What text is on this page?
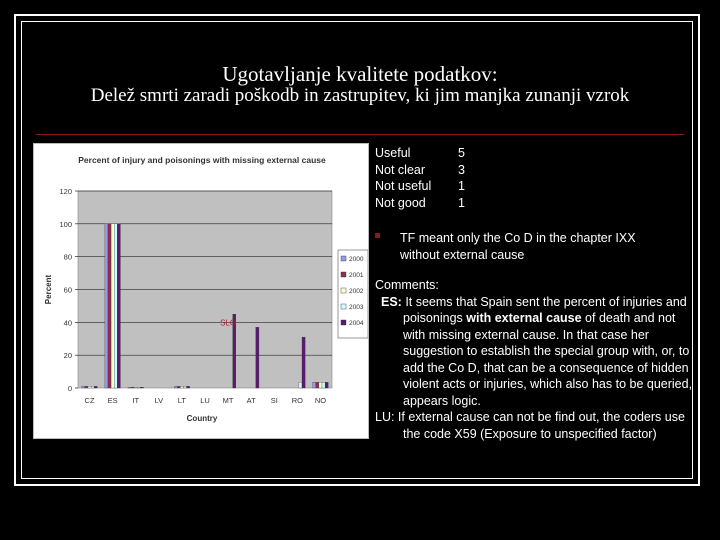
Ugotavljanje kvalitete podatkov:
Delež smrti zaradi poškodb in zastrupitev, ki jim manjka zunanji vzrok
Percent of injury and poisonings with missing external cause
0
20
40
60
80
100
120
CZ ES IT LV LT LU MT AT SI RO NO
Country
Percent
SLO
2000
2001
2002
2003
2004
Useful	5
Not clear	3
Not useful	1
Not good	1
TF meant only the Co D in the chapter IXX without external cause
Comments:
ES: It seems that Spain sent the percent of injuries and poisonings with external cause of death and not with missing external cause. In that case her suggestion to establish the special group with, or, to add the Co D, that can be a consequence of hidden violent acts or injuries, which also has to be queried, appears logic.
LU: If external cause can not be find out, the coders use the code X59 (Exposure to unspecified factor)
